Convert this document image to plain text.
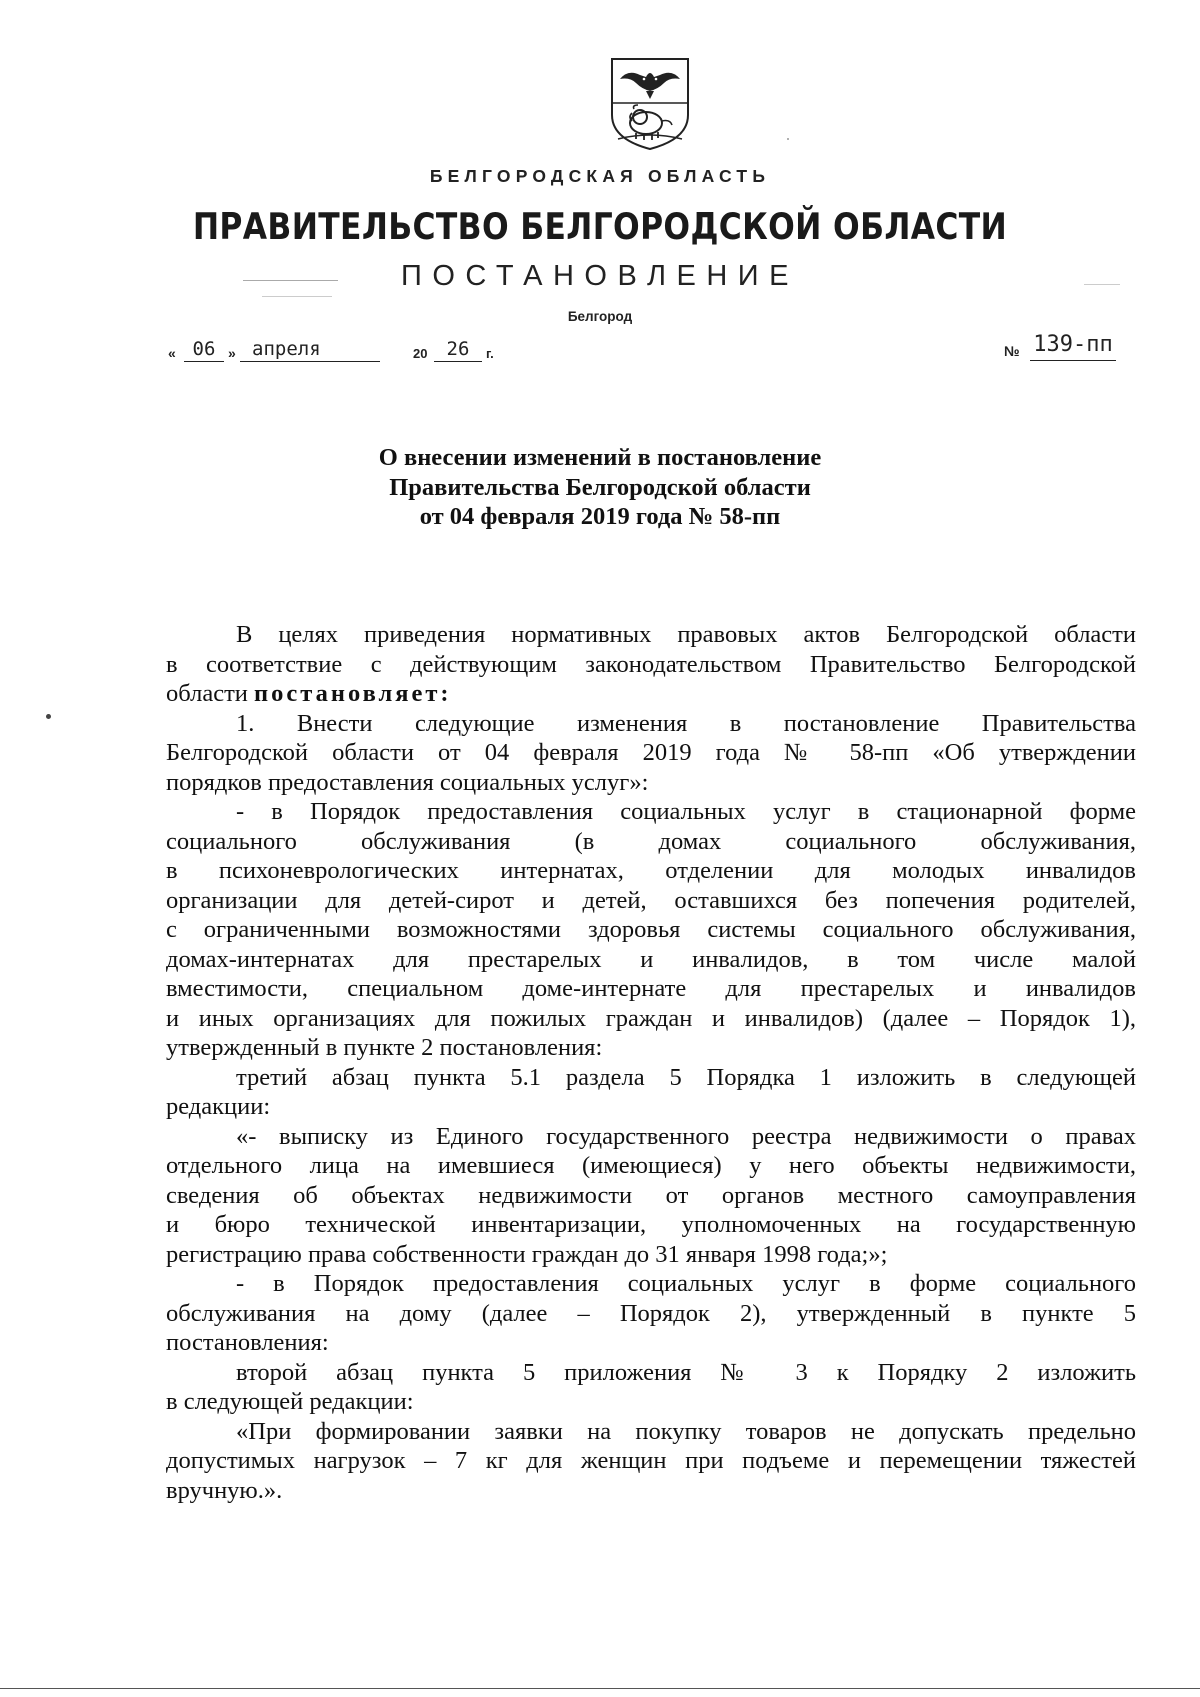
БЕЛГОРОДСКАЯ ОБЛАСТЬ
ПРАВИТЕЛЬСТВО БЕЛГОРОДСКОЙ ОБЛАСТИ
ПОСТАНОВЛЕНИЕ
Белгород
« 06 » апреля	20	26	г.	№ 139-пп
О внесении изменений в постановление
Правительства Белгородской области
от 04 февраля 2019 года № 58-пп
В целях приведения нормативных правовых актов Белгородской области
в соответствие с действующим законодательством Правительство Белгородской
области постановляет:
1. Внести следующие изменения в постановление Правительства
Белгородской области от 04 февраля 2019 года № 58-пп «Об утверждении
порядков предоставления социальных услуг»:
- в Порядок предоставления социальных услуг в стационарной форме
социального обслуживания (в домах социального обслуживания,
в психоневрологических интернатах, отделении для молодых инвалидов
организации для детей-сирот и детей, оставшихся без попечения родителей,
с ограниченными возможностями здоровья системы социального обслуживания,
домах-интернатах для престарелых и инвалидов, в том числе малой
вместимости, специальном доме-интернате для престарелых и инвалидов
и иных организациях для пожилых граждан и инвалидов) (далее – Порядок 1),
утвержденный в пункте 2 постановления:
третий абзац пункта 5.1 раздела 5 Порядка 1 изложить в следующей
редакции:
«- выписку из Единого государственного реестра недвижимости о правах
отдельного лица на имевшиеся (имеющиеся) у него объекты недвижимости,
сведения об объектах недвижимости от органов местного самоуправления
и бюро технической инвентаризации, уполномоченных на государственную
регистрацию права собственности граждан до 31 января 1998 года;»;
- в Порядок предоставления социальных услуг в форме социального
обслуживания на дому (далее – Порядок 2), утвержденный в пункте 5
постановления:
второй абзац пункта 5 приложения № 3 к Порядку 2 изложить
в следующей редакции:
«При формировании заявки на покупку товаров не допускать предельно
допустимых нагрузок – 7 кг для женщин при подъеме и перемещении тяжестей
вручную.».
